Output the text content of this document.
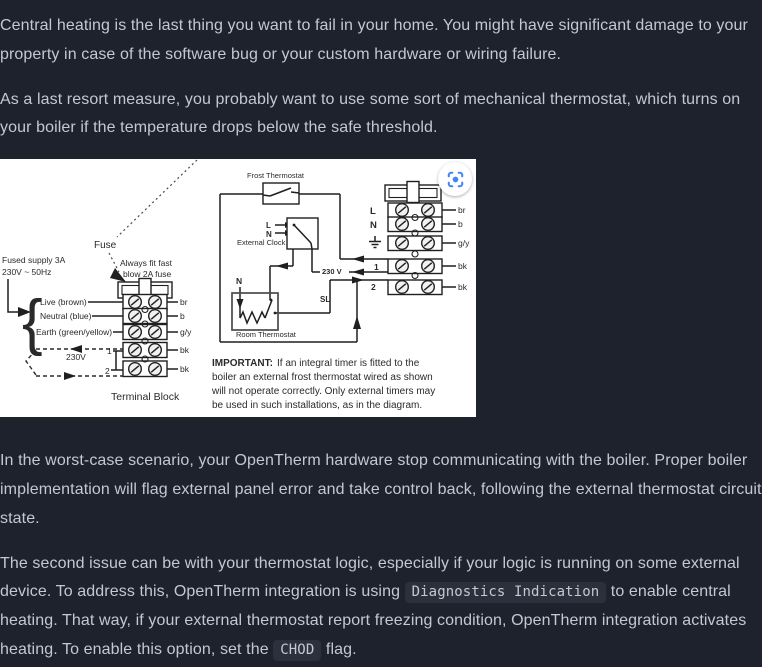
Central heating is the last thing you want to fail in your home. You might have significant damage to your property in case of the software bug or your custom hardware or wiring failure.

As a last resort measure, you probably want to use some sort of mechanical thermostat, which turns on your boiler if the temperature drops below the safe threshold.

Fuse
Fused supply 3A
230V ~ 50Hz
Always fit fast
blow 2A fuse
{
Terminal Block
Live (brown)
Neutral (blue)
Earth (green/yellow)
br
b
g/y
bk
bk
230V
1
2
Frost Thermostat
230 V
SL
L
N
External Clock
N
Room Thermostat
L
N
1
2
br
b
g/y
bk
bk
IMPORTANT: If an integral timer is fitted to the
boiler an external frost thermostat wired as shown
will not operate correctly. Only external timers may
be used in such installations, as in the diagram.

In the worst-case scenario, your OpenTherm hardware stop communicating with the boiler. Proper boiler implementation will flag external panel error and take control back, following the external thermostat circuit state.

The second issue can be with your thermostat logic, especially if your logic is running on some external device. To address this, OpenTherm integration is using Diagnostics Indication to enable central heating. That way, if your external thermostat report freezing condition, OpenTherm integration activates heating. To enable this option, set the CHOD flag.
